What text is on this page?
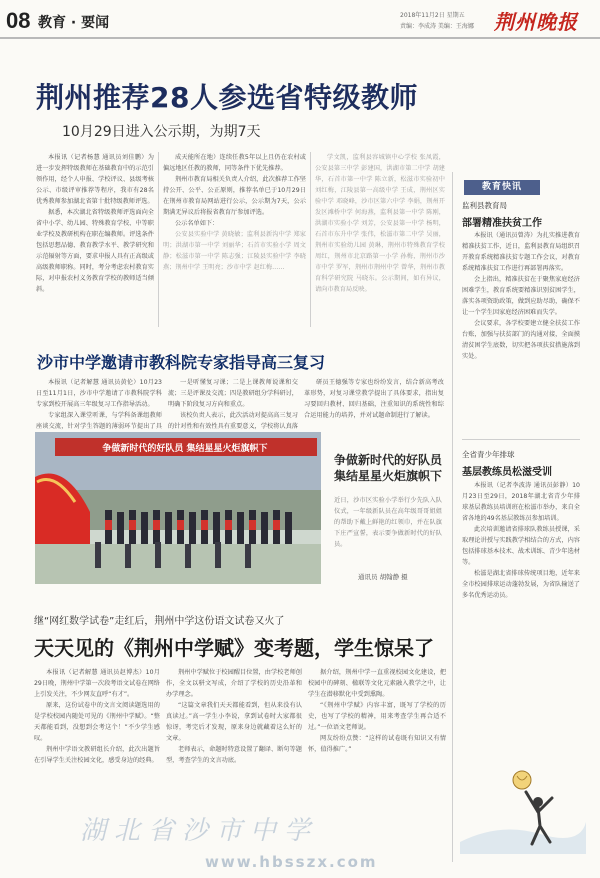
08 教育 · 要闻	2018年11月2日 星期五
责编：李成涛 美编：王海娜 荆州晚报
荆州推荐28人参选省特级教师
10月29日进入公示期，为期7天
本报讯（记者杨慧 通讯员刘佳鹏）为进一步发挥特级教师在基础教育中的示范引领作用，经个人申报、学校评议、县级考核公示、市级评审推荐等程序，我市有28名优秀教师参加湖北省第十批特级教师评选。
据悉，本次湖北省特级教师评选面向全省中小学、幼儿园、特殊教育学校、中等职业学校及教研机构在职在编教师。评选条件包括思想品德、教育教学水平、教学研究和示范辐射等方面，要求申报人具有正高级或高级教师职称。同时，考分考虑农村教育实际，对申报农村义务教育学校的教师适当倾斜。
成天能所在地）连续任教5年以上且仍在农村或偏远地区任教的教师，同等条件下优先推荐。
荆州市教育局相关负责人介绍，此次推荐工作坚持公开、公平、公正原则，推荐名单已于10月29日在荆州市教育局网站进行公示，公示期为7天，公示期满无异议后将报省教育厅参加评选。
公示名单如下：
公安县实验中学 黄晓敏；监利县新沟中学 郑家明；洪湖市第一中学 刘丽华；石首市实验小学 周文静；松滋市第一中学 陈志强；江陵县实验中学 李晓燕；荆州中学 王明亮；沙市中学 赵红梅……
学文凯，监利县容城镇中心学校 张凤霞，公安县第三中学 彭建国，洪湖市第二中学 胡建华，石首市第一中学 陈立新，松滋市实验初中 刘红梅，江陵县第一高级中学 王成，荆州区实验中学 邓晓峰，沙市区第六中学 李娟，荆州开发区滩桥中学 何海燕，监利县第一中学 陈刚，洪湖市实验小学 刘芳，公安县第一中学 杨明，石首市东升中学 张伟，松滋市第二中学 吴丽，荆州市实验幼儿园 黄琳，荆州市特殊教育学校 周红，荆州市北京路第一小学 孙梅，荆州市沙市中学 罗军，荆州市荆州中学 曾华，荆州市教育科学研究院 马晓东。公示期间，如有异议，请向市教育局反映。
沙市中学邀请市教科院专家指导高三复习
本报讯（记者解慧 通讯员黄伦）10月23日至11月1日，沙市中学邀请了市教科院学科专家到校开展高三年级复习工作指导活动。
专家组深入课堂听课，与学科备课组教师座谈交流，针对学生答题的薄弱环节提出了具
一是听懂复习课；二是上课教师说课和交流；三是评课及交流；四是教研组分学科研讨，明确下阶段复习方向和重点。
该校负责人表示，此次活动对提高高三复习的针对性和有效性具有重要意义，学校将认真落
研员王德强等专家也纷纷发言，结合新高考改革形势，对复习课堂教学提出了具体要求，指出复习要回归教材、回归基础，注重知识的系统性和综合运用能力的培养，并对试题命制进行了解读。
争做新时代的好队员 集结星星火炬旗帜下
争做新时代的好队员 集结星星火炬旗帜下
近日，沙市区实验小学举行少先队入队仪式，一年级新队员在高年级哥哥姐姐的帮助下戴上鲜艳的红领巾，并在队旗下庄严宣誓，表示要争做新时代的好队员。
通讯员 胡翰静 摄
继“网红数学试卷”走红后，荆州中学这份语文试卷又火了
天天见的《荆州中学赋》变考题，学生惊呆了
本报讯（记者解慧 通讯员赵博杰）10月29日晚，荆州中学第一次段考语文试卷在网络上引发关注，不少网友直呼“有才”。
原来，这份试卷中的文言文阅读题选用的是学校校园内随处可见的《荆州中学赋》。“整天都能看到，没想到会考这个！”不少学生感叹。
荆州中学语文教研组长介绍，此次出题旨在引导学生关注校园文化，感受身边的经典。
荆州中学赋位于校园醒目位置，由学校老师创作，全文以骈文写成，介绍了学校的历史沿革和办学理念。
“这篇文章我们天天都能看到，但从来没有认真读过。”高一学生小李说，拿到试卷时大家都很惊讶，考完后才发现，原来身边就藏着这么好的文章。
老师表示，命题时特意设置了翻译、断句等题型，考查学生的文言功底。
据介绍，荆州中学一直重视校园文化建设，把校园中的碑刻、楹联等文化元素融入教学之中，让学生在潜移默化中受到熏陶。
“《荆州中学赋》内容丰富，既写了学校的历史，也写了学校的精神，用来考查学生再合适不过。”一位语文老师说。
网友纷纷点赞：“这样的试卷既有知识又有情怀，值得推广。”
教育快讯
监利县教育局
部署精准扶贫工作
本报讯（通讯员曾涛）为扎实推进教育精准扶贫工作，近日，监利县教育局组织召开教育系统精准扶贫专题工作会议，对教育系统精准扶贫工作进行再部署再落实。
会上指出，精准扶贫在于聚焦家庭经济困难学生，教育系统要精准识别贫困学生，落实各项资助政策，做到应助尽助，确保不让一个学生因家庭经济困难而失学。
会议要求，各学校要建立健全扶贫工作台账，加强与扶贫部门的沟通对接，全面摸清贫困学生底数，切实把各项扶贫措施落到实处。
全省青少年排球
基层教练员松滋受训
本报讯（记者李波涛 通讯员彭静）10月23日至29日，2018年湖北省青少年排球基层教练员培训班在松滋市举办，来自全省各地的49名基层教练员参加培训。
此次培训邀请省排球队教练员授课，采取理论讲授与实践教学相结合的方式，内容包括排球基本技术、战术训练、青少年选材等。
松滋是湖北省排球传统项目地，近年来全市校园排球运动蓬勃发展，为省队输送了多名优秀运动员。
湖北省沙市中学
www.hbsszx.com
